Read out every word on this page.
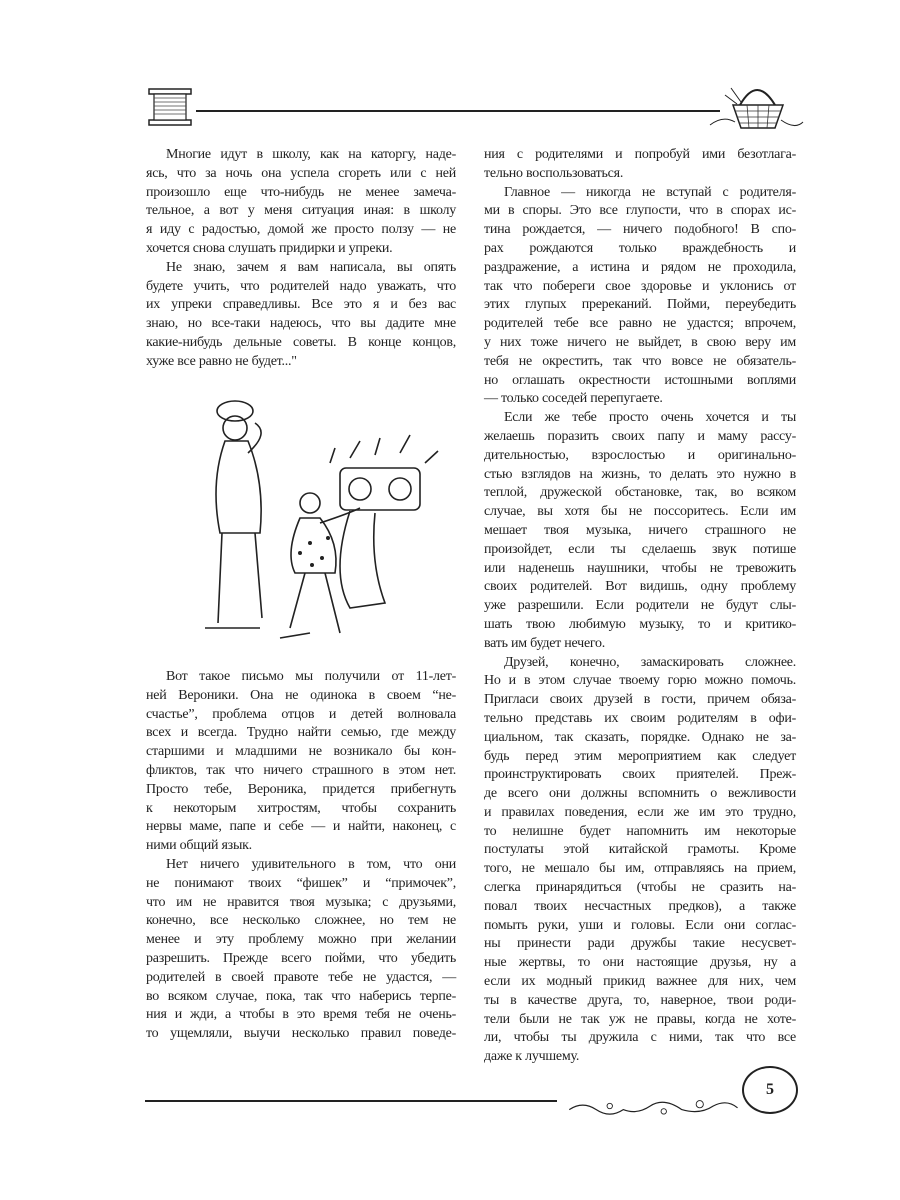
Многие идут в школу, как на каторгу, наде-
ясь, что за ночь она успела сгореть или с ней
произошло еще что-нибудь не менее замеча-
тельное, а вот у меня ситуация иная: в школу
я иду с радостью, домой же просто ползу — не
хочется снова слушать придирки и упреки.
Не знаю, зачем я вам написала, вы опять
будете учить, что родителей надо уважать, что
их упреки справедливы. Все это я и без вас
знаю, но все-таки надеюсь, что вы дадите мне
какие-нибудь дельные советы. В конце концов,
хуже все равно не будет..."
Вот такое письмо мы получили от 11-лет-
ней Вероники. Она не одинока в своем “не-
счастье”, проблема отцов и детей волновала
всех и всегда. Трудно найти семью, где между
старшими и младшими не возникало бы кон-
фликтов, так что ничего страшного в этом нет.
Просто тебе, Вероника, придется прибегнуть
к некоторым хитростям, чтобы сохранить
нервы маме, папе и себе — и найти, наконец, с
ними общий язык.
Нет ничего удивительного в том, что они
не понимают твоих “фишек” и “примочек”,
что им не нравится твоя музыка; с друзьями,
конечно, все несколько сложнее, но тем не
менее и эту проблему можно при желании
разрешить. Прежде всего пойми, что убедить
родителей в своей правоте тебе не удастся, —
во всяком случае, пока, так что наберись терпе-
ния и жди, а чтобы в это время тебя не очень-
то ущемляли, выучи несколько правил поведе-
ния с родителями и попробуй ими безотлага-
тельно воспользоваться.
Главное — никогда не вступай с родителя-
ми в споры. Это все глупости, что в спорах ис-
тина рождается, — ничего подобного! В спо-
рах рождаются только враждебность и
раздражение, а истина и рядом не проходила,
так что побереги свое здоровье и уклонись от
этих глупых пререканий. Пойми, переубедить
родителей тебе все равно не удастся; впрочем,
у них тоже ничего не выйдет, в свою веру им
тебя не окрестить, так что вовсе не обязатель-
но оглашать окрестности истошными воплями
— только соседей перепугаете.
Если же тебе просто очень хочется и ты
желаешь поразить своих папу и маму рассу-
дительностью, взрослостью и оригинально-
стью взглядов на жизнь, то делать это нужно в
теплой, дружеской обстановке, так, во всяком
случае, вы хотя бы не поссоритесь. Если им
мешает твоя музыка, ничего страшного не
произойдет, если ты сделаешь звук потише
или наденешь наушники, чтобы не тревожить
своих родителей. Вот видишь, одну проблему
уже разрешили. Если родители не будут слы-
шать твою любимую музыку, то и критико-
вать им будет нечего.
Друзей, конечно, замаскировать сложнее.
Но и в этом случае твоему горю можно помочь.
Пригласи своих друзей в гости, причем обяза-
тельно представь их своим родителям в офи-
циальном, так сказать, порядке. Однако не за-
будь перед этим мероприятием как следует
проинструктировать своих приятелей. Преж-
де всего они должны вспомнить о вежливости
и правилах поведения, если же им это трудно,
то нелишне будет напомнить им некоторые
постулаты этой китайской грамоты. Кроме
того, не мешало бы им, отправляясь на прием,
слегка принарядиться (чтобы не сразить на-
повал твоих несчастных предков), а также
помыть руки, уши и головы. Если они соглас-
ны принести ради дружбы такие несусвет-
ные жертвы, то они настоящие друзья, ну а
если их модный прикид важнее для них, чем
ты в качестве друга, то, наверное, твои роди-
тели были не так уж не правы, когда не хоте-
ли, чтобы ты дружила с ними, так что все
даже к лучшему.
5
